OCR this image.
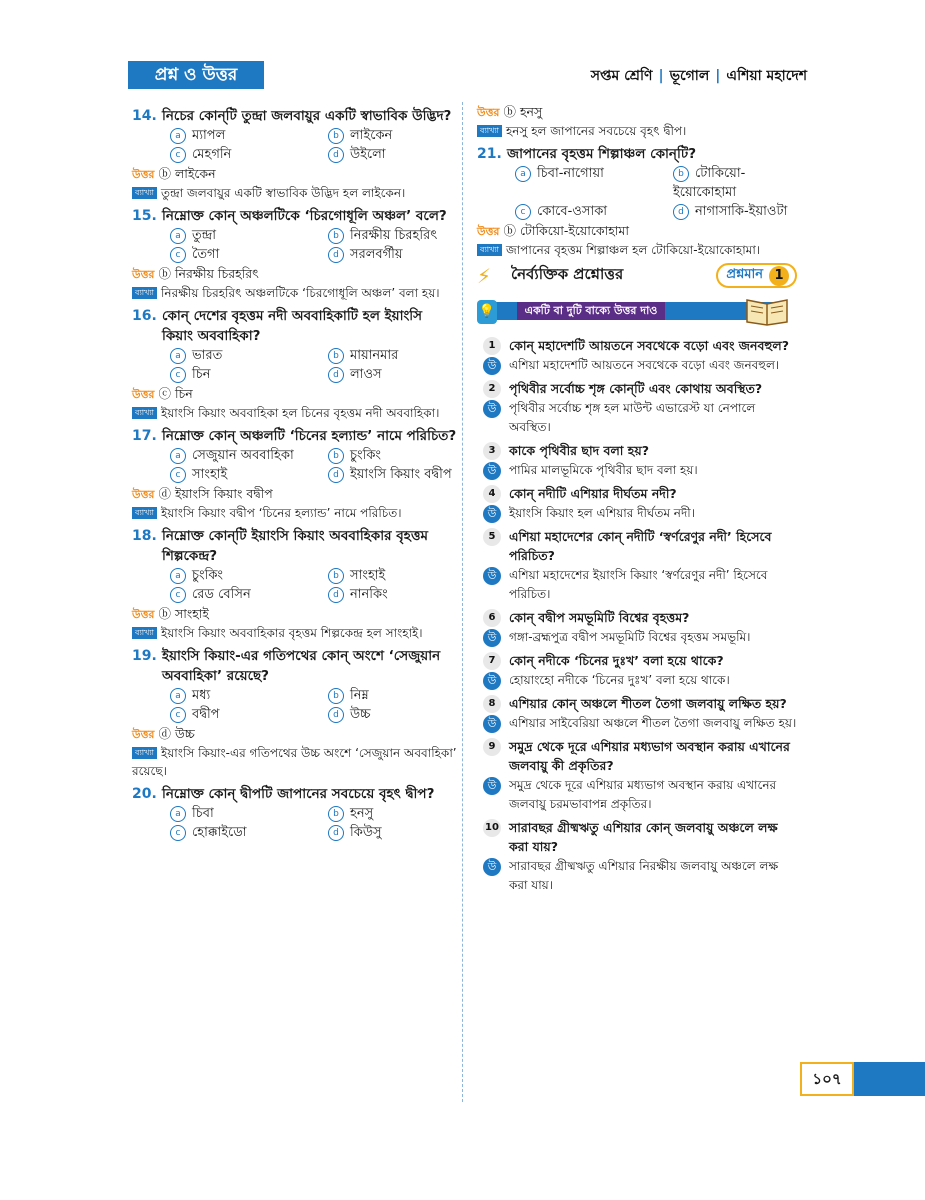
প্রশ্ন ও উত্তর	সপ্তম শ্রেণি | ভূগোল | এশিয়া মহাদেশ
14. নিচের কোন্‌টি তুন্দ্রা জলবায়ুর একটি স্বাভাবিক উদ্ভিদ?
a ম্যাপল	b লাইকেন
c মেহগনি	d উইলো
উত্তর ⓑ লাইকেন
ব্যাখ্যা তুন্দ্রা জলবায়ুর একটি স্বাভাবিক উদ্ভিদ হল লাইকেন।
15. নিম্নোক্ত কোন্‌ অঞ্চলটিকে ‘চিরগোধূলি অঞ্চল’ বলে?
a তুন্দ্রা	b নিরক্ষীয় চিরহরিৎ
c তৈগা	d সরলবর্গীয়
উত্তর ⓑ নিরক্ষীয় চিরহরিৎ
ব্যাখ্যা নিরক্ষীয় চিরহরিৎ অঞ্চলটিকে ‘চিরগোধূলি অঞ্চল’ বলা হয়।
16. কোন্‌ দেশের বৃহত্তম নদী অববাহিকাটি হল ইয়াংসি কিয়াং অববাহিকা?
a ভারত	b মায়ানমার
c চিন	d লাওস
উত্তর ⓒ চিন
ব্যাখ্যা ইয়াংসি কিয়াং অববাহিকা হল চিনের বৃহত্তম নদী অববাহিকা।
17. নিম্নোক্ত কোন্‌ অঞ্চলটি ‘চিনের হল্যান্ড’ নামে পরিচিত?
a সেজুয়ান অববাহিকা	b চুংকিং
c সাংহাই	d ইয়াংসি কিয়াং বদ্বীপ
উত্তর ⓓ ইয়াংসি কিয়াং বদ্বীপ
ব্যাখ্যা ইয়াংসি কিয়াং বদ্বীপ ‘চিনের হল্যান্ড’ নামে পরিচিত।
18. নিম্নোক্ত কোন্‌টি ইয়াংসি কিয়াং অববাহিকার বৃহত্তম শিল্পকেন্দ্র?
a চুংকিং	b সাংহাই
c রেড বেসিন	d নানকিং
উত্তর ⓑ সাংহাই
ব্যাখ্যা ইয়াংসি কিয়াং অববাহিকার বৃহত্তম শিল্পকেন্দ্র হল সাংহাই।
19. ইয়াংসি কিয়াং-এর গতিপথের কোন্‌ অংশে ‘সেজুয়ান অববাহিকা’ রয়েছে?
a মধ্য	b নিম্ন
c বদ্বীপ	d উচ্চ
উত্তর ⓓ উচ্চ
ব্যাখ্যা ইয়াংসি কিয়াং-এর গতিপথের উচ্চ অংশে ‘সেজুয়ান অববাহিকা’ রয়েছে।
20. নিম্নোক্ত কোন্‌ দ্বীপটি জাপানের সবচেয়ে বৃহৎ দ্বীপ?
a চিবা	b হনসু
c হোক্কাইডো	d কিউসু
উত্তর ⓑ হনসু
ব্যাখ্যা হনসু হল জাপানের সবচেয়ে বৃহৎ দ্বীপ।
21. জাপানের বৃহত্তম শিল্পাঞ্চল কোন্‌টি?
a চিবা-নাগোয়া	b টোকিয়ো-ইয়োকোহামা
c কোবে-ওসাকা	d নাগাসাকি-ইয়াওটা
উত্তর ⓑ টোকিয়ো-ইয়োকোহামা
ব্যাখ্যা জাপানের বৃহত্তম শিল্পাঞ্চল হল টোকিয়ো-ইয়োকোহামা।
⚡	নৈর্ব্যক্তিক প্রশ্নোত্তর	প্রশ্নমান 1
💡	একটি বা দুটি বাক্যে উত্তর দাও
1	কোন্‌ মহাদেশটি আয়তনে সবথেকে বড়ো এবং জনবহুল?
উ	এশিয়া মহাদেশটি আয়তনে সবথেকে বড়ো এবং জনবহুল।
2	পৃথিবীর সর্বোচ্চ শৃঙ্গ কোন্‌টি এবং কোথায় অবস্থিত?
উ	পৃথিবীর সর্বোচ্চ শৃঙ্গ হল মাউন্ট এভারেস্ট যা নেপালে অবস্থিত।
3	কাকে পৃথিবীর ছাদ বলা হয়?
উ	পামির মালভূমিকে পৃথিবীর ছাদ বলা হয়।
4	কোন্‌ নদীটি এশিয়ার দীর্ঘতম নদী?
উ	ইয়াংসি কিয়াং হল এশিয়ার দীর্ঘতম নদী।
5	এশিয়া মহাদেশের কোন্‌ নদীটি ‘স্বর্ণরেণুর নদী’ হিসেবে পরিচিত?
উ	এশিয়া মহাদেশের ইয়াংসি কিয়াং ‘স্বর্ণরেণুর নদী’ হিসেবে পরিচিত।
6	কোন্‌ বদ্বীপ সমভূমিটি বিশ্বের বৃহত্তম?
উ	গঙ্গা-ব্রহ্মপুত্র বদ্বীপ সমভূমিটি বিশ্বের বৃহত্তম সমভূমি।
7	কোন্‌ নদীকে ‘চিনের দুঃখ’ বলা হয়ে থাকে?
উ	হোয়াংহো নদীকে ‘চিনের দুঃখ’ বলা হয়ে থাকে।
8	এশিয়ার কোন্‌ অঞ্চলে শীতল তৈগা জলবায়ু লক্ষিত হয়?
উ	এশিয়ার সাইবেরিয়া অঞ্চলে শীতল তৈগা জলবায়ু লক্ষিত হয়।
9	সমুদ্র থেকে দূরে এশিয়ার মধ্যভাগ অবস্থান করায় এখানের জলবায়ু কী প্রকৃতির?
উ	সমুদ্র থেকে দূরে এশিয়ার মধ্যভাগ অবস্থান করায় এখানের জলবায়ু চরমভাবাপন্ন প্রকৃতির।
10 সারাবছর গ্রীষ্মঋতু এশিয়ার কোন্‌ জলবায়ু অঞ্চলে লক্ষ করা যায়?
উ	সারাবছর গ্রীষ্মঋতু এশিয়ার নিরক্ষীয় জলবায়ু অঞ্চলে লক্ষ করা যায়।
১০৭
